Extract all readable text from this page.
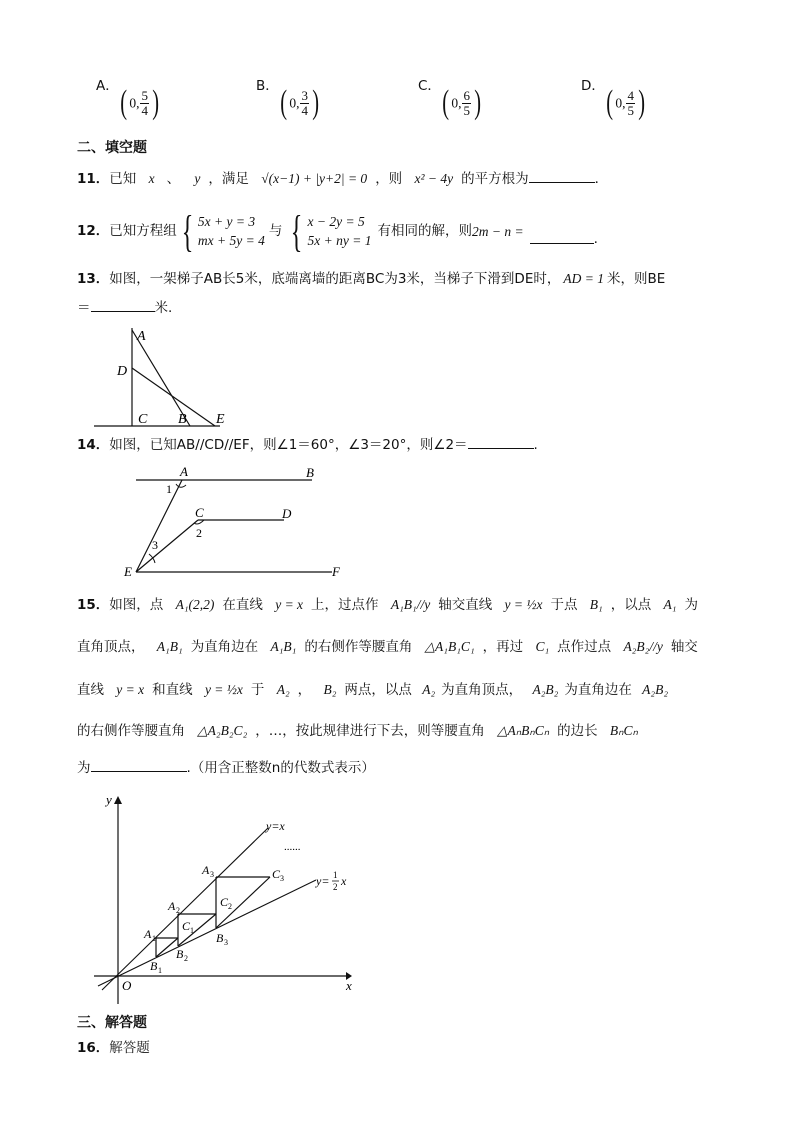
A． ( 0, $\frac{5}{4}$ )	B． ( 0, $\frac{3}{4}$ )	C． ( 0, $\frac{6}{5}$ )	D． ( 0, $\frac{4}{5}$ )
二、填空题
11．已知 x 、 y ，满足 √(x−1) + |y+2| = 0 ，则 x² − 4y 的平方根为	．
12． 已知方程组 { 5x + y = 3
mx + 5y = 4
与 { x − 2y = 5
5x + ny = 1
有相同的解，则 2m − n =	.
13．如图，一架梯子AB长5米，底端离墙的距离BC为3米，当梯子下滑到DE时， AD = 1 米，则BE
＝	米.
A
D
C B E
14．如图，已知AB//CD//EF，则∠1＝60°，∠3＝20°，则∠2＝	.
A	B
C	D
E	F
1
2
3
15．如图，点 A₁(2,2) 在直线 y = x 上，过点作 A₁B₁//y 轴交直线 y = ½x 于点 B₁ ，以点 A₁ 为
直角顶点， A₁B₁ 为直角边在 A₁B₁ 的右侧作等腰直角 △A₁B₁C₁ ，再过 C₁ 点作过点 A₂B₂//y 轴交
直线 y = x 和直线 y = ½x 于 A₂ ， B₂ 两点，以点 A₂ 为直角顶点， A₂B₂ 为直角边在 A₂B₂
的右侧作等腰直角 △A₂B₂C₂ ，…，按此规律进行下去，则等腰直角 △AₙBₙCₙ 的边长 BₙCₙ
为	.（用含正整数n的代数式表示）
y
x
O
y=x
......
y= 1
2 x
A 1
A 2
A 3
B 1
B 2
B 3
C 1
C 2
C 3
三、解答题
16．解答题
